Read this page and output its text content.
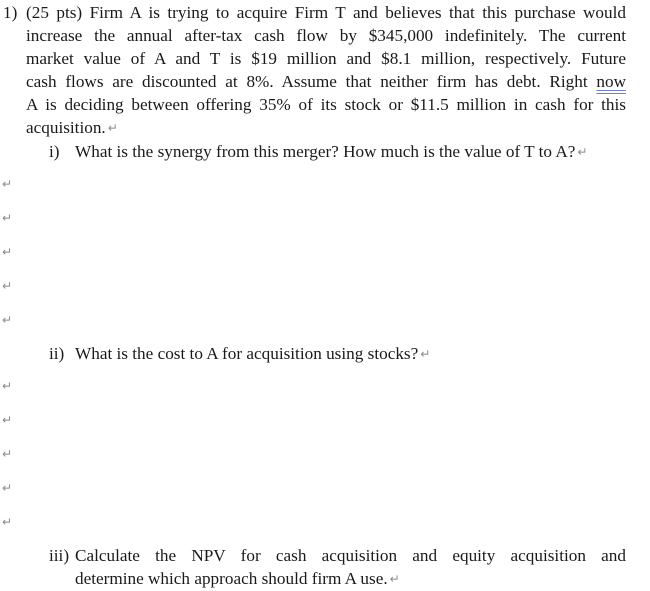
1) (25 pts) Firm A is trying to acquire Firm T and believes that this purchase would
increase the annual after-tax cash flow by $345,000 indefinitely. The current
market value of A and T is $19 million and $8.1 million, respectively. Future
cash flows are discounted at 8%. Assume that neither firm has debt. Right now
A is deciding between offering 35% of its stock or $11.5 million in cash for this
acquisition. ↵
i) What is the synergy from this merger? How much is the value of T to A? ↵
↵
↵
↵
↵
↵
ii) What is the cost to A for acquisition using stocks? ↵
↵
↵
↵
↵
↵
iii) Calculate the NPV for cash acquisition and equity acquisition and
determine which approach should firm A use. ↵
